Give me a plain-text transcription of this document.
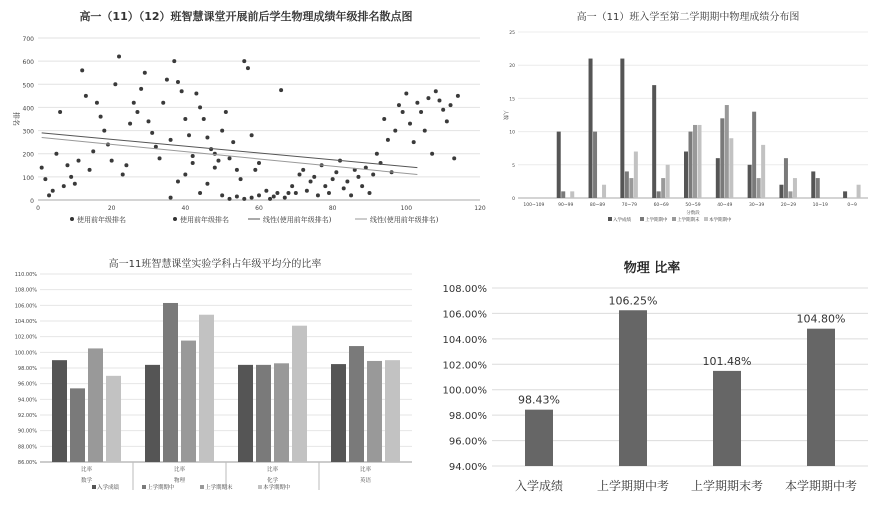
高一（11）（12）班智慧课堂开展前后学生物理成绩年级排名散点图
0
100
200
300
400
500
600
700
0	20	40	60	80	100	120
排名
使用前年级排名	使用前年级排名	线性(使用前年级排名)	线性(使用前年级排名)
高一（11）班入学至第二学期期中物理成绩分布图
0
5
10
15
20
25
人数
100~109	90~99	80~89	70~79	60~69	50~59	40~49	30~39	20~29	10~19	0~9
分数段
入学成绩	上学期期中 上学期期末 本学期期中
高一11班智慧课堂实验学科占年级平均分的比率
86.00%
88.00%
90.00%
92.00%
94.00%
96.00%
98.00%
100.00%
102.00%
104.00%
106.00%
108.00%
110.00%
比率
数学
比率
物理
比率
化学
比率
英语
入学成绩	上学期期中	上学期期末	本学期期中
物理 比率
94.00%
96.00%
98.00%
100.00%
102.00%
104.00%
106.00%
108.00%
98.43%
入学成绩
106.25%
上学期期中考
101.48%
上学期期末考
104.80%
本学期期中考
